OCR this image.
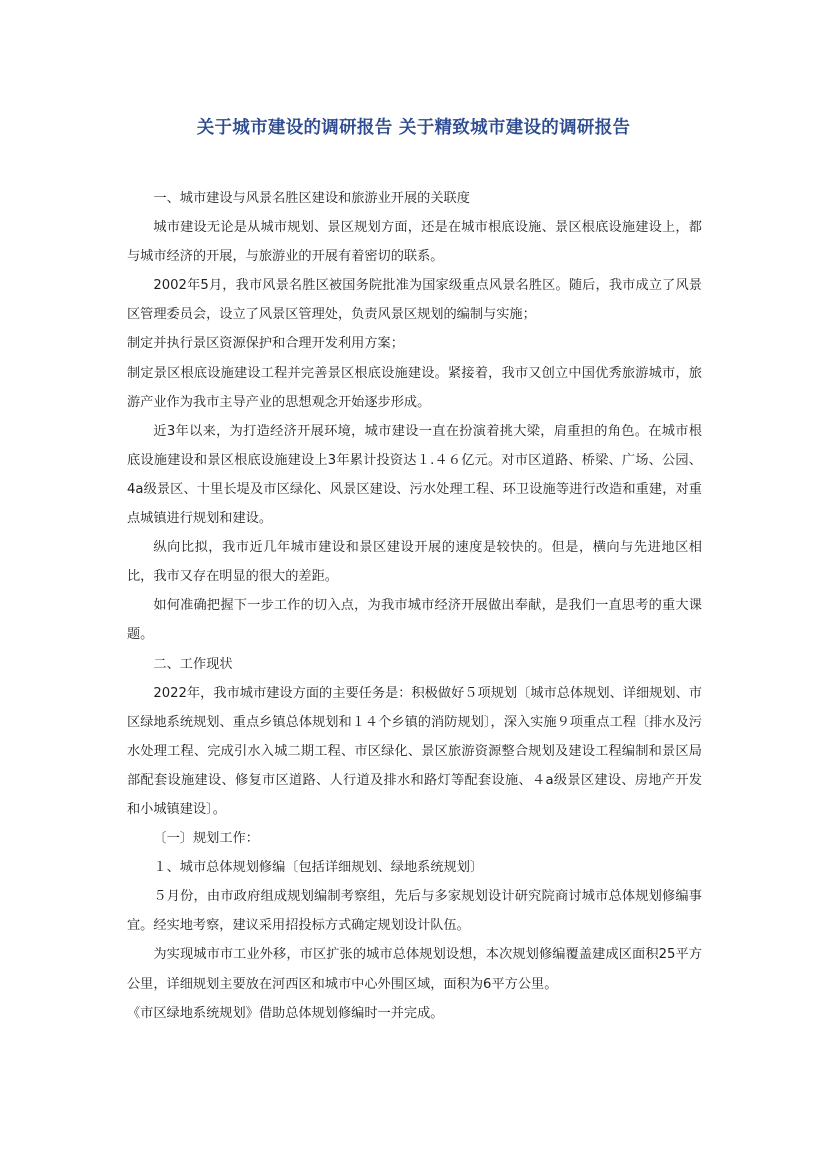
关于城市建设的调研报告 关于精致城市建设的调研报告

一、城市建设与风景名胜区建设和旅游业开展的关联度

城市建设无论是从城市规划、景区规划方面，还是在城市根底设施、景区根底设施建设上，都与城市经济的开展，与旅游业的开展有着密切的联系。

2002年5月，我市风景名胜区被国务院批准为国家级重点风景名胜区。随后，我市成立了风景区管理委员会，设立了风景区管理处，负责风景区规划的编制与实施；

制定并执行景区资源保护和合理开发利用方案；

制定景区根底设施建设工程并完善景区根底设施建设。紧接着，我市又创立中国优秀旅游城市，旅游产业作为我市主导产业的思想观念开始逐步形成。

近3年以来，为打造经济开展环境，城市建设一直在扮演着挑大梁，肩重担的角色。在城市根底设施建设和景区根底设施建设上3年累计投资达１.４６亿元。对市区道路、桥梁、广场、公园、4a级景区、十里长堤及市区绿化、风景区建设、污水处理工程、环卫设施等进行改造和重建，对重点城镇进行规划和建设。

纵向比拟，我市近几年城市建设和景区建设开展的速度是较快的。但是，横向与先进地区相比，我市又存在明显的很大的差距。

如何准确把握下一步工作的切入点，为我市城市经济开展做出奉献，是我们一直思考的重大课题。

二、工作现状

2022年，我市城市建设方面的主要任务是：积极做好５项规划〔城市总体规划、详细规划、市区绿地系统规划、重点乡镇总体规划和１４个乡镇的消防规划〕，深入实施９项重点工程〔排水及污水处理工程、完成引水入城二期工程、市区绿化、景区旅游资源整合规划及建设工程编制和景区局部配套设施建设、修复市区道路、人行道及排水和路灯等配套设施、４a级景区建设、房地产开发和小城镇建设〕。

〔一〕规划工作：

１、城市总体规划修编〔包括详细规划、绿地系统规划〕

５月份，由市政府组成规划编制考察组，先后与多家规划设计研究院商讨城市总体规划修编事宜。经实地考察，建议采用招投标方式确定规划设计队伍。

为实现城市市工业外移，市区扩张的城市总体规划设想，本次规划修编覆盖建成区面积25平方公里，详细规划主要放在河西区和城市中心外围区域，面积为6平方公里。

《市区绿地系统规划》借助总体规划修编时一并完成。
